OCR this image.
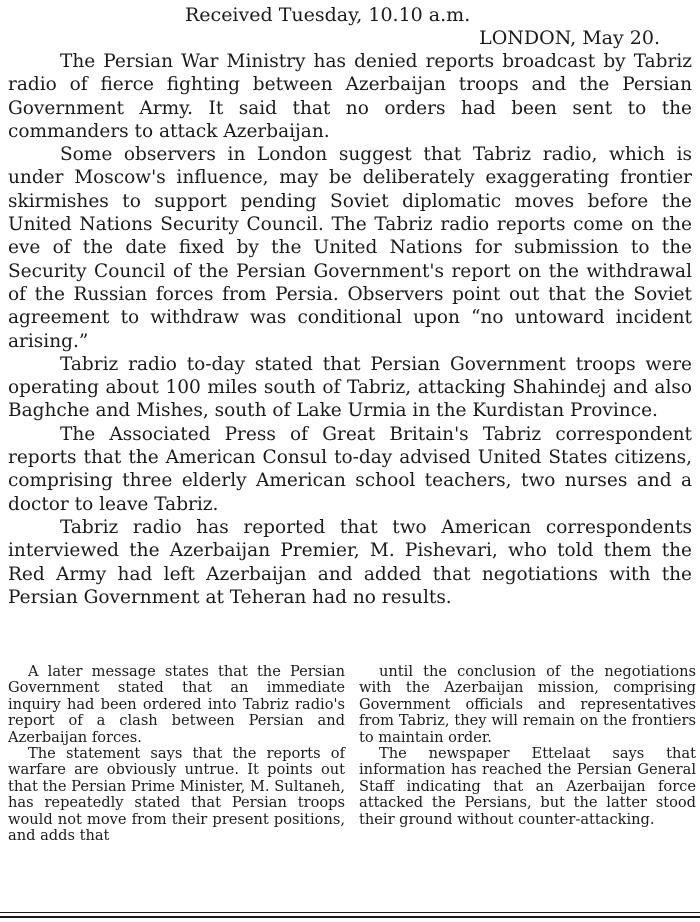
Received Tuesday, 10.10 a.m.
LONDON, May 20.

The Persian War Ministry has denied reports broadcast by Tabriz radio of fierce fighting between Azerbaijan troops and the Persian Government Army. It said that no orders had been sent to the commanders to attack Azerbaijan.

Some observers in London suggest that Tabriz radio, which is under Moscow's influence, may be deliberately exaggerating frontier skirmishes to support pending Soviet diplomatic moves before the United Nations Security Council. The Tabriz radio reports come on the eve of the date fixed by the United Nations for submission to the Security Council of the Persian Government's report on the withdrawal of the Russian forces from Persia. Observers point out that the Soviet agreement to withdraw was conditional upon “no untoward incident arising.”

Tabriz radio to-day stated that Persian Government troops were operating about 100 miles south of Tabriz, attacking Shahindej and also Baghche and Mishes, south of Lake Urmia in the Kurdistan Province.

The Associated Press of Great Britain's Tabriz correspondent reports that the American Consul to-day advised United States citizens, comprising three elderly American school teachers, two nurses and a doctor to leave Tabriz.

Tabriz radio has reported that two American correspondents interviewed the Azerbaijan Premier, M. Pishevari, who told them the Red Army had left Azerbaijan and added that negotiations with the Persian Government at Teheran had no results.

A later message states that the Persian Government stated that an immediate inquiry had been ordered into Tabriz radio's report of a clash between Persian and Azerbaijan forces.

The statement says that the reports of warfare are obviously untrue. It points out that the Persian Prime Minister, M. Sultaneh, has repeatedly stated that Persian troops would not move from their present positions, and adds that

until the conclusion of the negotiations with the Azerbaijan mission, comprising Government officials and representatives from Tabriz, they will remain on the frontiers to maintain order.

The newspaper Ettelaat says that information has reached the Persian General Staff indicating that an Azerbaijan force attacked the Persians, but the latter stood their ground without counter-attacking.
